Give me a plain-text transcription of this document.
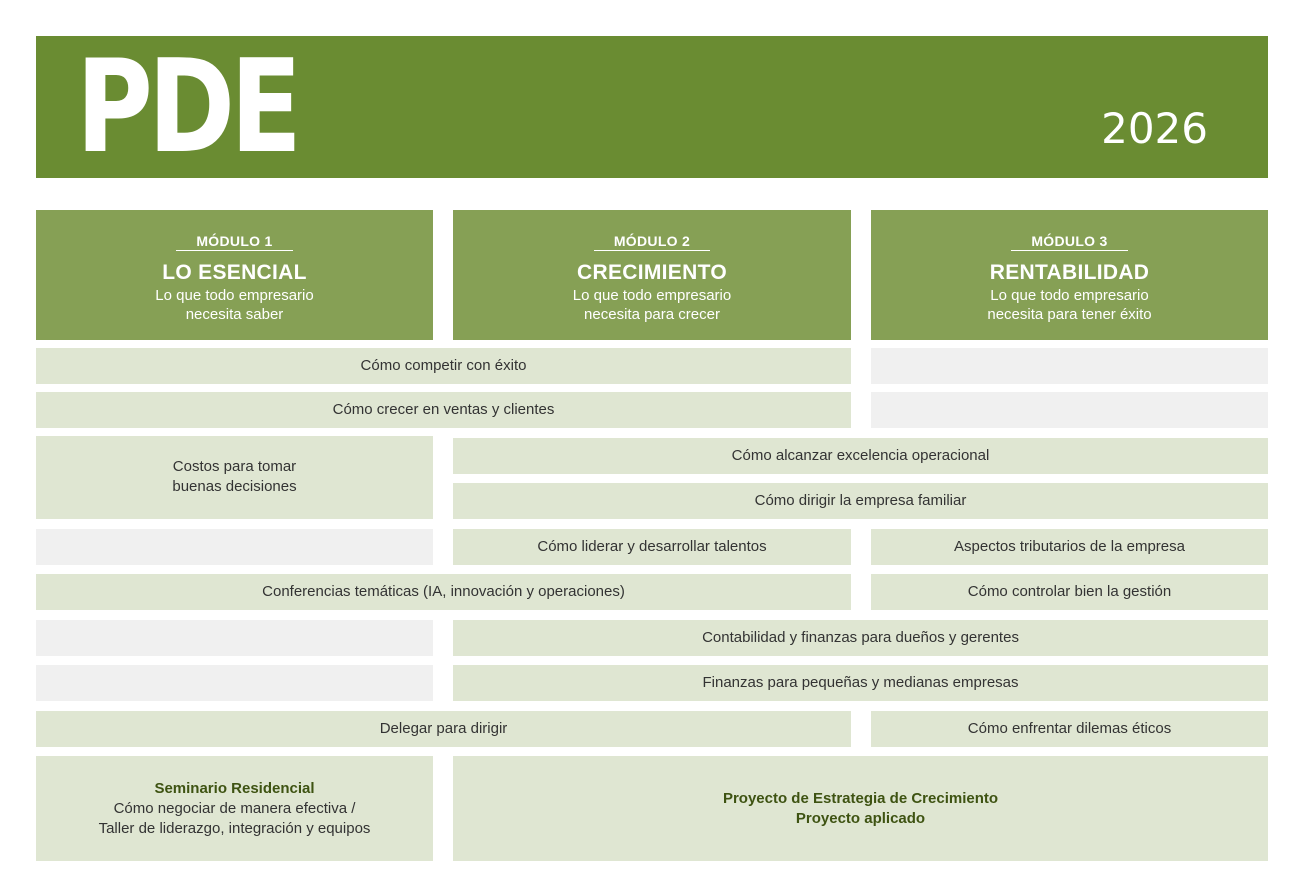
PDE	2026
MÓDULO 1
LO ESENCIAL
Lo que todo empresario
necesita saber
MÓDULO 2
CRECIMIENTO
Lo que todo empresario
necesita para crecer
MÓDULO 3
RENTABILIDAD
Lo que todo empresario
necesita para tener éxito
Cómo competir con éxito
Cómo crecer en ventas y clientes
Costos para tomar
buenas decisiones
Cómo alcanzar excelencia operacional
Cómo dirigir la empresa familiar
Cómo liderar y desarrollar talentos	Aspectos tributarios de la empresa
Conferencias temáticas (IA, innovación y operaciones)	Cómo controlar bien la gestión
Contabilidad y finanzas para dueños y gerentes
Finanzas para pequeñas y medianas empresas
Delegar para dirigir	Cómo enfrentar dilemas éticos
Seminario Residencial
Cómo negociar de manera efectiva /
Taller de liderazgo, integración y equipos
Proyecto de Estrategia de Crecimiento
Proyecto aplicado
